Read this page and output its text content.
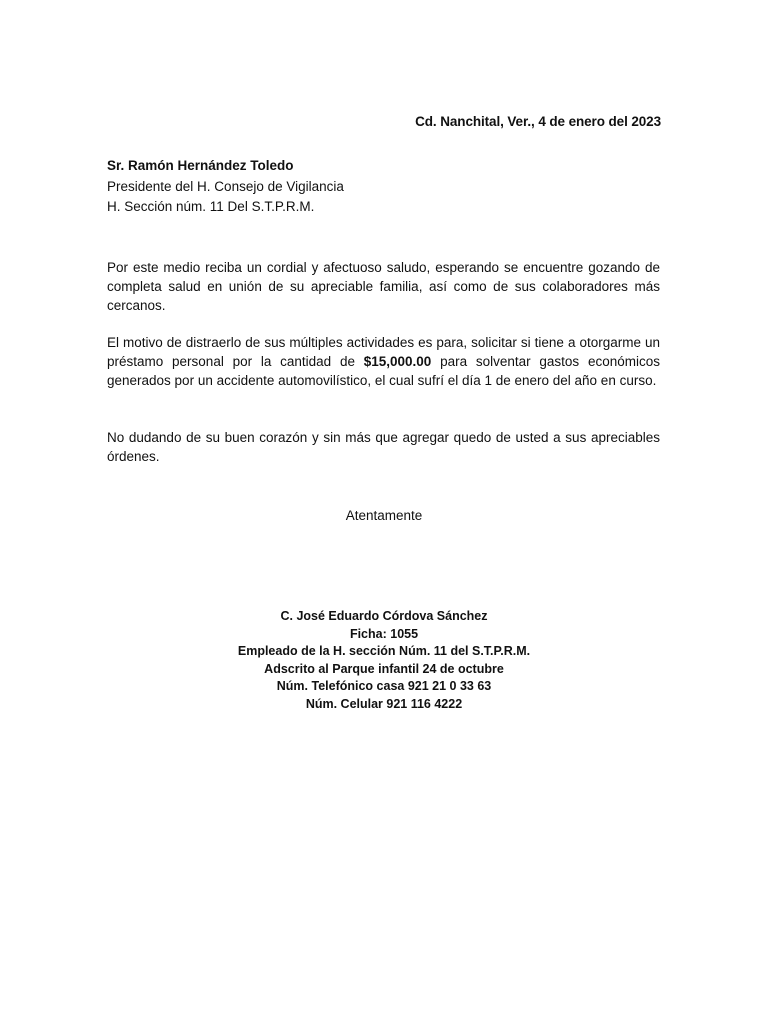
Cd. Nanchital, Ver., 4 de enero del 2023
Sr. Ramón Hernández Toledo
Presidente del H. Consejo de Vigilancia
H. Sección núm. 11 Del S.T.P.R.M.

Por este medio reciba un cordial y afectuoso saludo, esperando se encuentre gozando de completa salud en unión de su apreciable familia, así como de sus colaboradores más cercanos.

El motivo de distraerlo de sus múltiples actividades es para, solicitar si tiene a otorgarme un préstamo personal por la cantidad de $15,000.00 para solventar gastos económicos generados por un accidente automovilístico, el cual sufrí el día 1 de enero del año en curso.

No dudando de su buen corazón y sin más que agregar quedo de usted a sus apreciables órdenes.

Atentamente
C. José Eduardo Córdova Sánchez
Ficha: 1055
Empleado de la H. sección Núm. 11 del S.T.P.R.M.
Adscrito al Parque infantil 24 de octubre
Núm. Telefónico casa 921 21 0 33 63
Núm. Celular 921 116 4222
